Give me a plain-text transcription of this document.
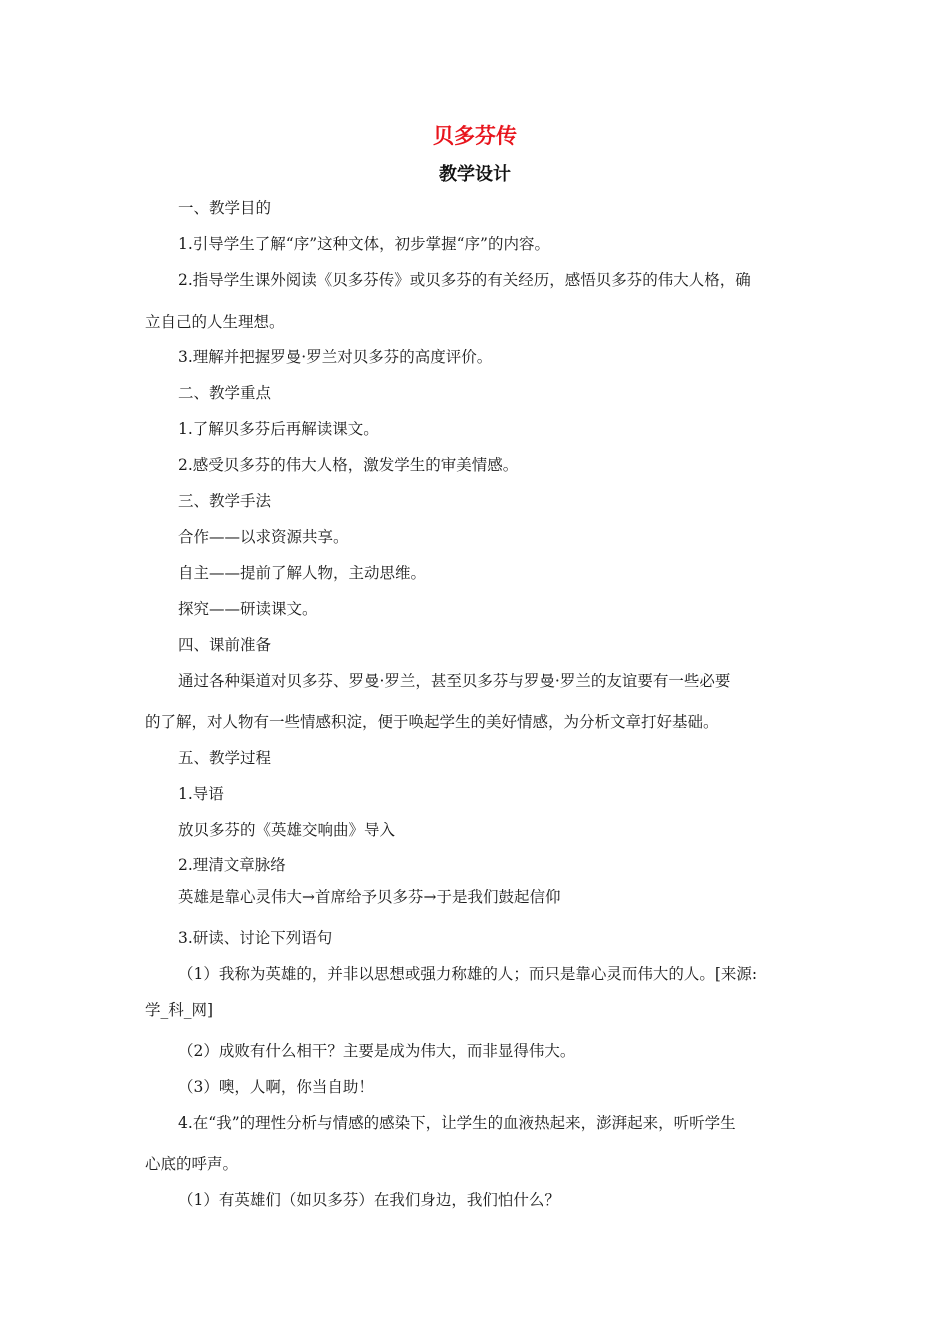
贝多芬传
教学设计
一、教学目的
1.引导学生了解“序”这种文体，初步掌握“序”的内容。
2.指导学生课外阅读《贝多芬传》或贝多芬的有关经历，感悟贝多芬的伟大人格，确
立自己的人生理想。
3.理解并把握罗曼·罗兰对贝多芬的高度评价。
二、教学重点
1.了解贝多芬后再解读课文。
2.感受贝多芬的伟大人格，激发学生的审美情感。
三、教学手法
合作——以求资源共享。
自主——提前了解人物，主动思维。
探究——研读课文。
四、课前准备
通过各种渠道对贝多芬、罗曼·罗兰，甚至贝多芬与罗曼·罗兰的友谊要有一些必要
的了解，对人物有一些情感积淀，便于唤起学生的美好情感，为分析文章打好基础。
五、教学过程
1.导语
放贝多芬的《英雄交响曲》导入
2.理清文章脉络
英雄是靠心灵伟大→首席给予贝多芬→于是我们鼓起信仰
3.研读、讨论下列语句
（1）我称为英雄的，并非以思想或强力称雄的人；而只是靠心灵而伟大的人。[来源:
学_科_网]
（2）成败有什么相干？主要是成为伟大，而非显得伟大。
（3）噢，人啊，你当自助！
4.在“我”的理性分析与情感的感染下，让学生的血液热起来，澎湃起来，听听学生
心底的呼声。
（1）有英雄们（如贝多芬）在我们身边，我们怕什么？
